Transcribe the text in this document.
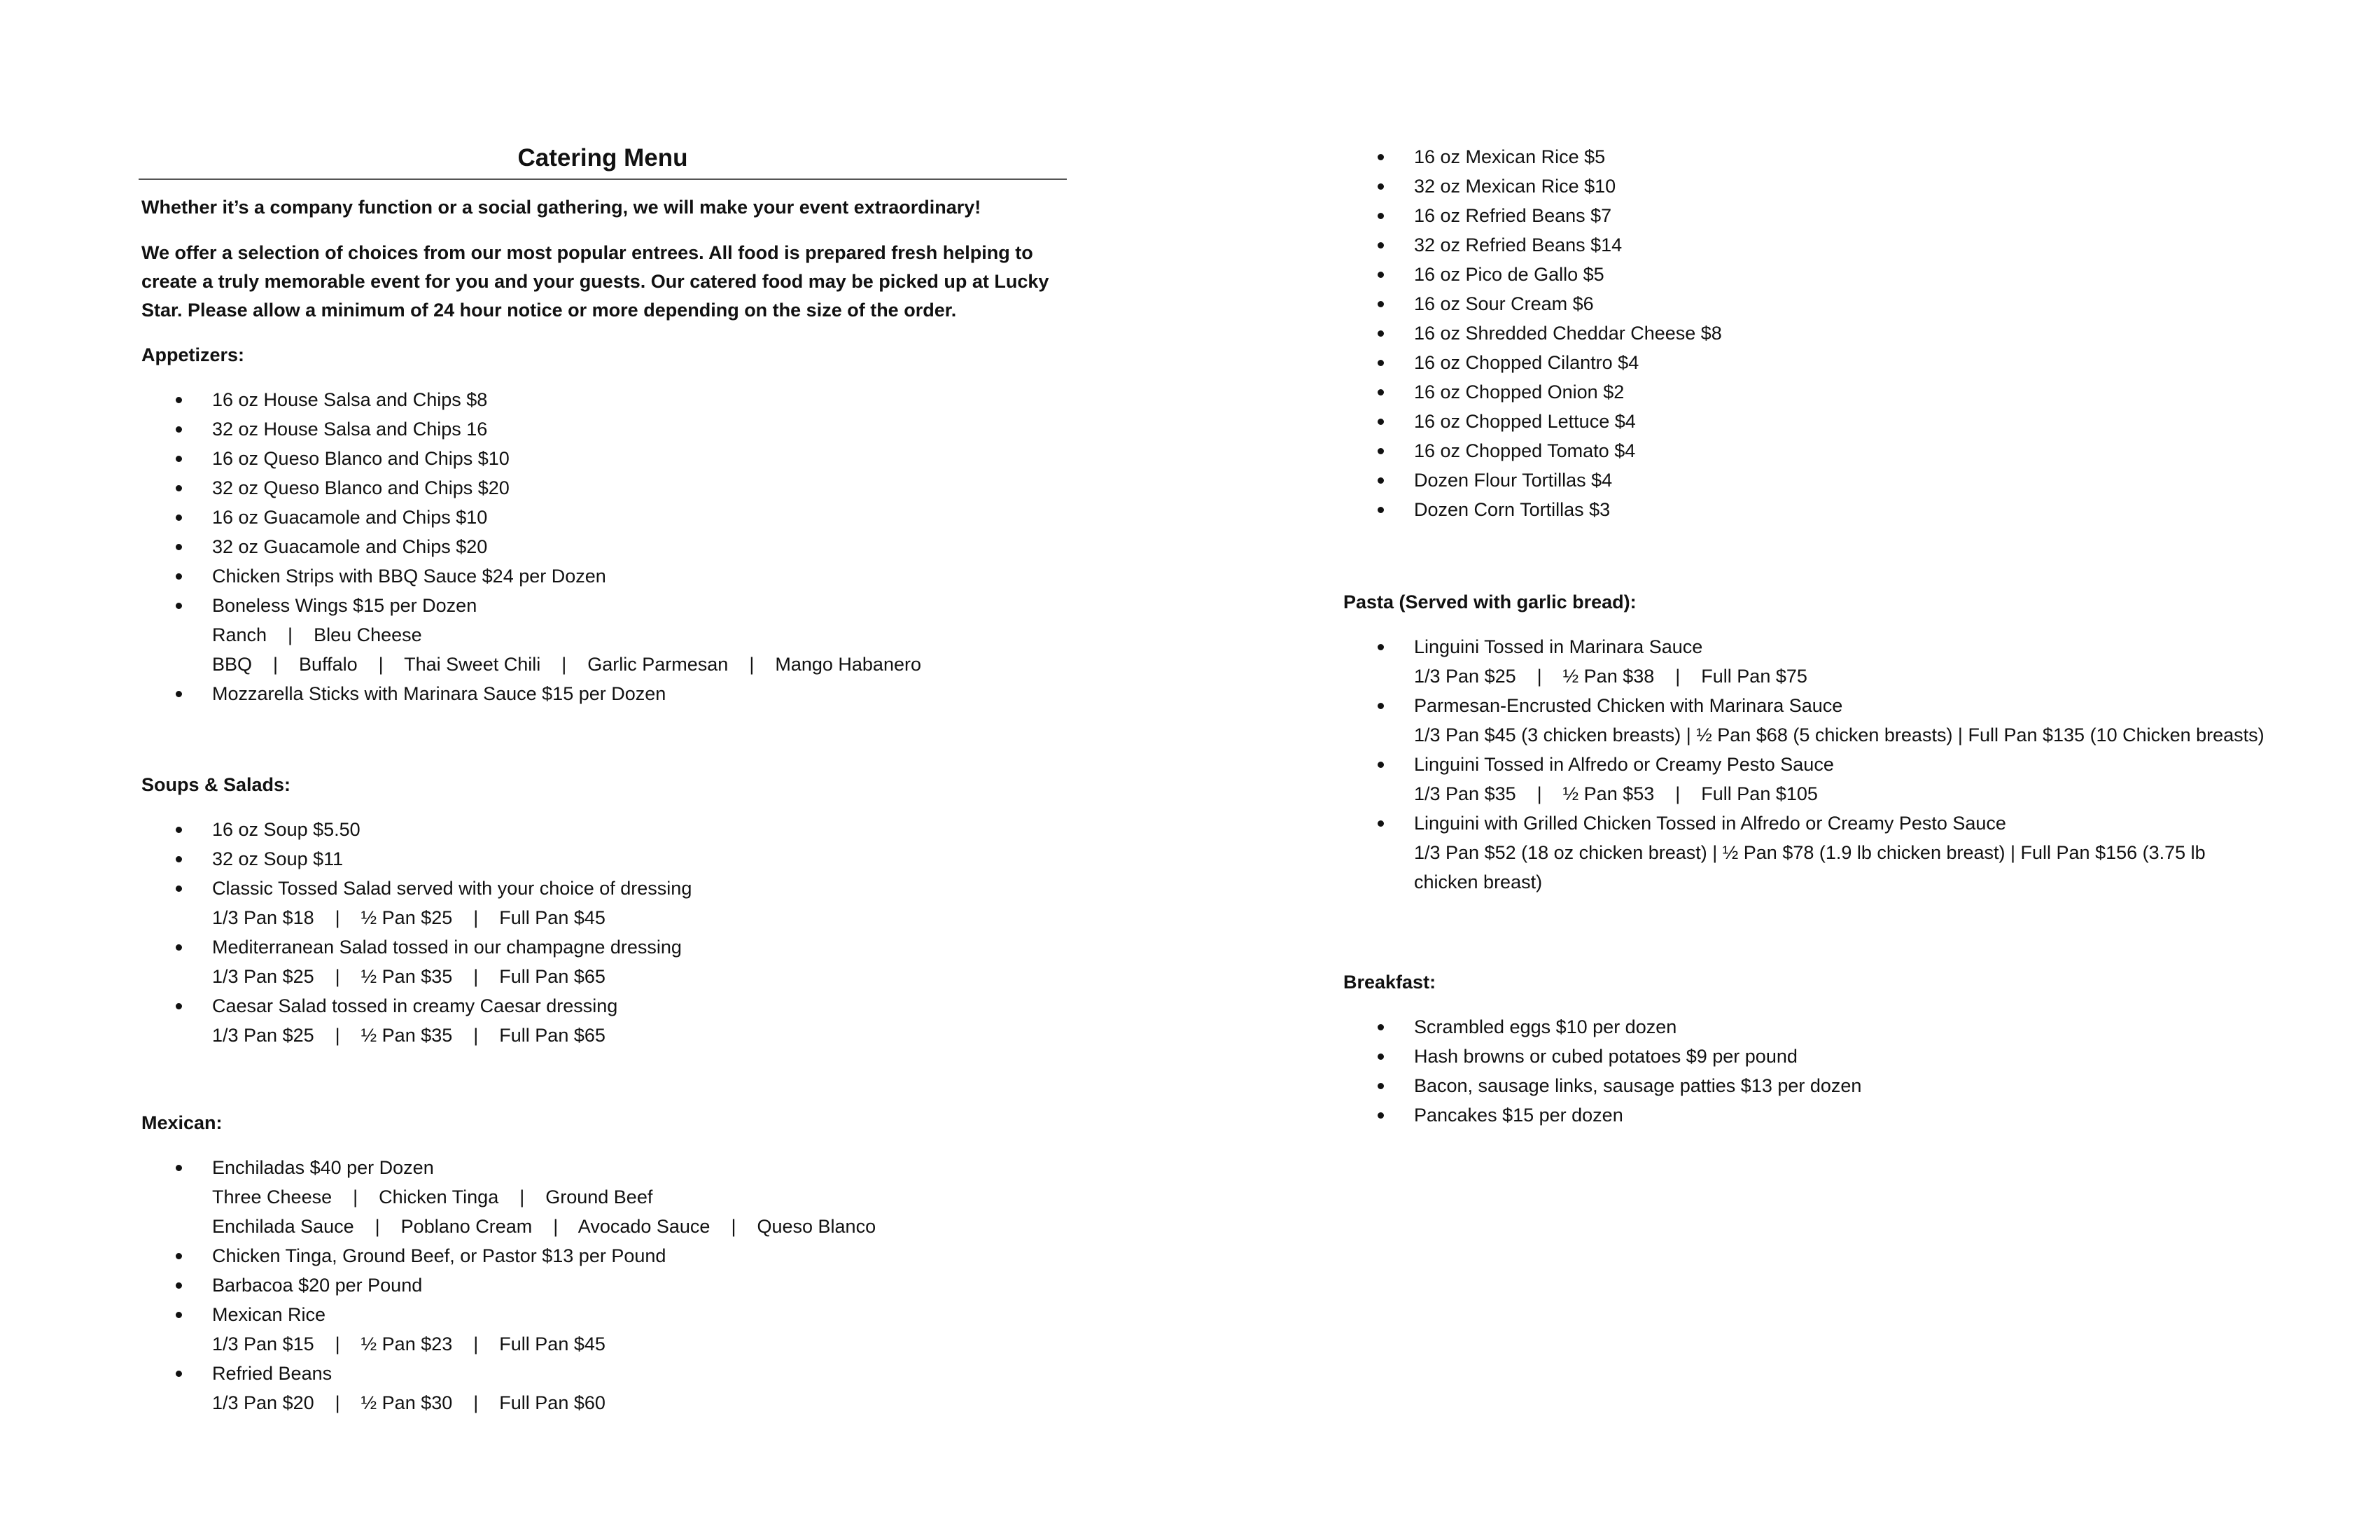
Catering Menu
Whether it’s a company function or a social gathering, we will make your event extraordinary!
We offer a selection of choices from our most popular entrees. All food is prepared fresh helping to create a truly memorable event for you and your guests. Our catered food may be picked up at Lucky Star. Please allow a minimum of 24 hour notice or more depending on the size of the order.
Appetizers:
16 oz House Salsa and Chips $8
32 oz House Salsa and Chips 16
16 oz Queso Blanco and Chips $10
32 oz Queso Blanco and Chips $20
16 oz Guacamole and Chips $10
32 oz Guacamole and Chips $20
Chicken Strips with BBQ Sauce $24 per Dozen
Boneless Wings $15 per Dozen
Ranch    |    Bleu Cheese
BBQ    |    Buffalo    |    Thai Sweet Chili    |    Garlic Parmesan    |    Mango Habanero
Mozzarella Sticks with Marinara Sauce $15 per Dozen
Soups & Salads:
16 oz Soup $5.50
32 oz Soup $11
Classic Tossed Salad served with your choice of dressing
1/3 Pan $18    |    ½ Pan $25    |    Full Pan $45
Mediterranean Salad tossed in our champagne dressing
1/3 Pan $25    |    ½ Pan $35    |    Full Pan $65
Caesar Salad tossed in creamy Caesar dressing
1/3 Pan $25    |    ½ Pan $35    |    Full Pan $65
Mexican:
Enchiladas $40 per Dozen
Three Cheese    |    Chicken Tinga    |    Ground Beef
Enchilada Sauce    |    Poblano Cream    |    Avocado Sauce    |    Queso Blanco
Chicken Tinga, Ground Beef, or Pastor $13 per Pound
Barbacoa $20 per Pound
Mexican Rice
1/3 Pan $15    |    ½ Pan $23    |    Full Pan $45
Refried Beans
1/3 Pan $20    |    ½ Pan $30    |    Full Pan $60
16 oz Mexican Rice $5
32 oz Mexican Rice $10
16 oz Refried Beans $7
32 oz Refried Beans $14
16 oz Pico de Gallo $5
16 oz Sour Cream $6
16 oz Shredded Cheddar Cheese $8
16 oz Chopped Cilantro $4
16 oz Chopped Onion $2
16 oz Chopped Lettuce $4
16 oz Chopped Tomato $4
Dozen Flour Tortillas $4
Dozen Corn Tortillas $3
Pasta (Served with garlic bread):
Linguini Tossed in Marinara Sauce
1/3 Pan $25    |    ½ Pan $38    |    Full Pan $75
Parmesan-Encrusted Chicken with Marinara Sauce
1/3 Pan $45 (3 chicken breasts) | ½ Pan $68 (5 chicken breasts) | Full Pan $135 (10 Chicken breasts)
Linguini Tossed in Alfredo or Creamy Pesto Sauce
1/3 Pan $35    |    ½ Pan $53    |    Full Pan $105
Linguini with Grilled Chicken Tossed in Alfredo or Creamy Pesto Sauce
1/3 Pan $52 (18 oz chicken breast) | ½ Pan $78 (1.9 lb chicken breast) | Full Pan $156 (3.75 lb chicken breast)
Breakfast:
Scrambled eggs $10 per dozen
Hash browns or cubed potatoes $9 per pound
Bacon, sausage links, sausage patties $13 per dozen
Pancakes $15 per dozen
